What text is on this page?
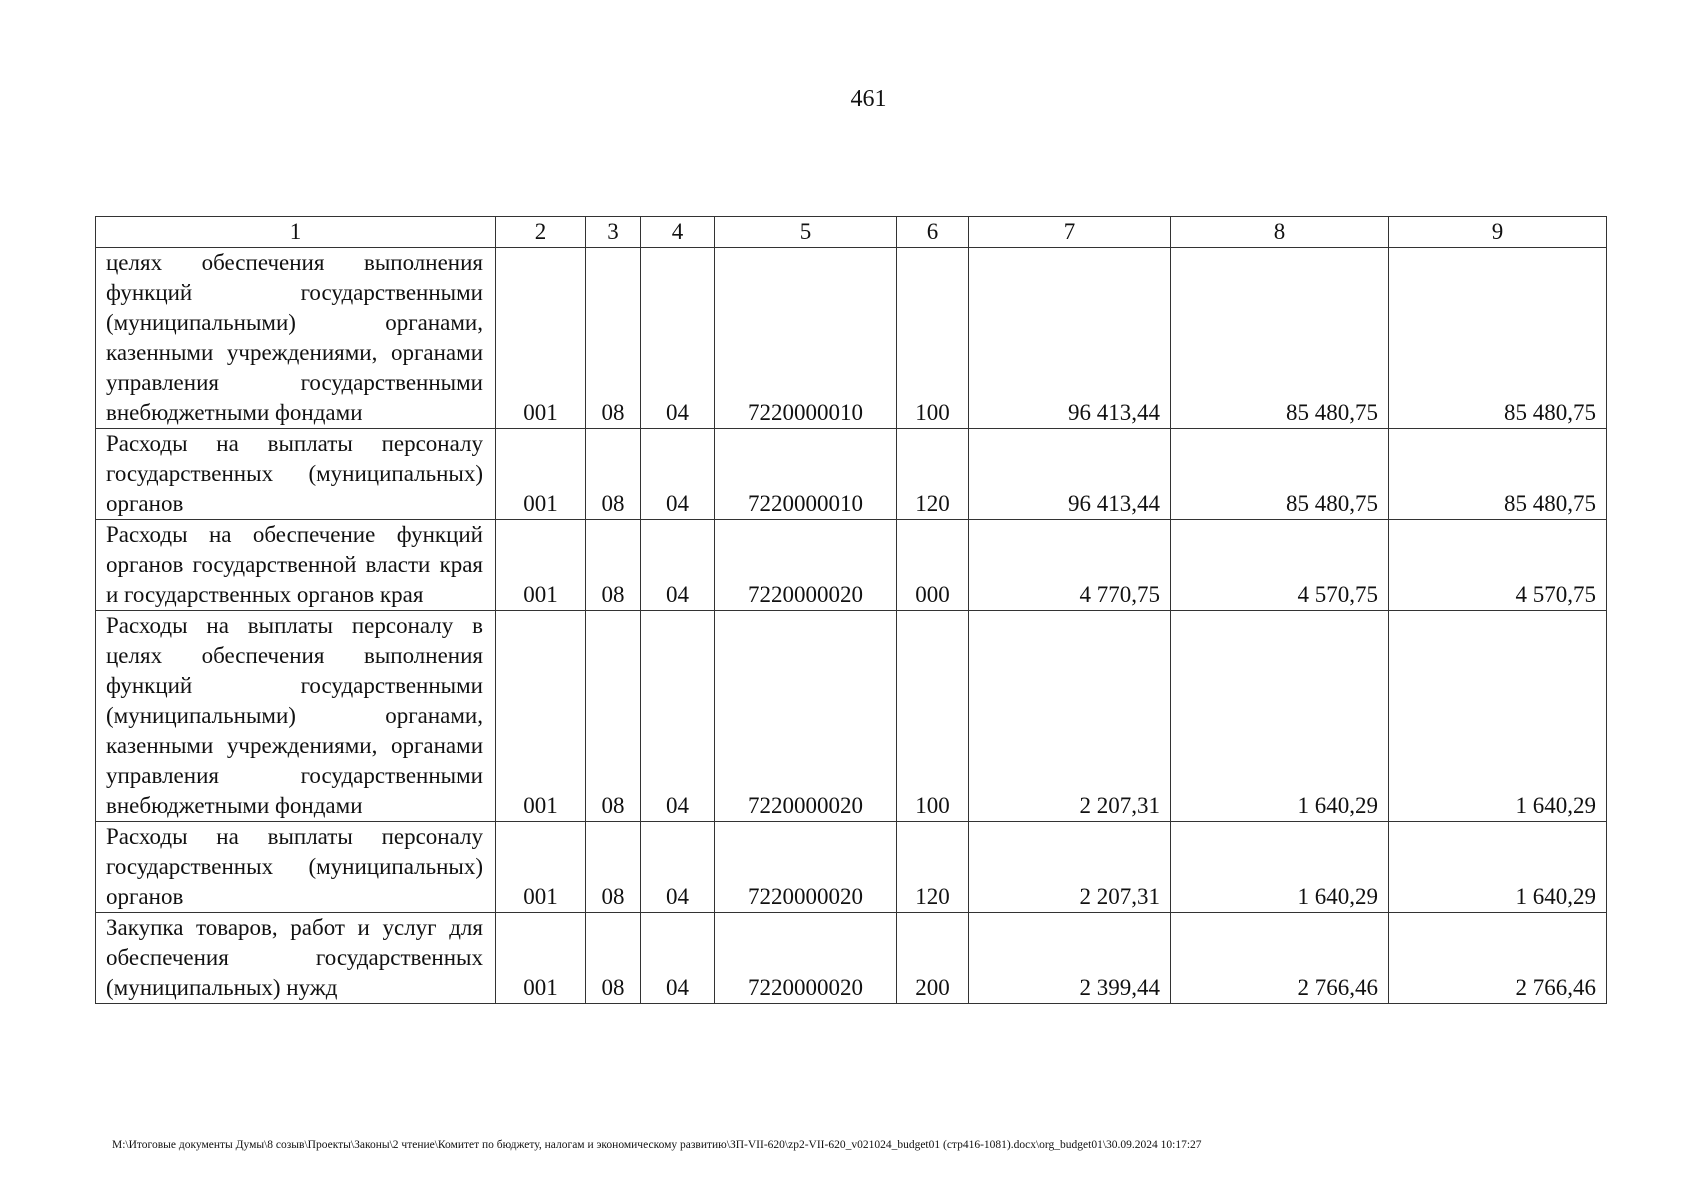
461
1	2	3	4	5	6	7	8	9
целях обеспечения выполнения функций государственными (муниципальными) органами, казенными учреждениями, органами управления государственными внебюджетными фондами	001	08	04	7220000010	100	96 413,44	85 480,75	85 480,75
Расходы на выплаты персоналу государственных (муниципальных) органов	001	08	04	7220000010	120	96 413,44	85 480,75	85 480,75
Расходы на обеспечение функций органов государственной власти края и государственных органов края	001	08	04	7220000020	000	4 770,75	4 570,75	4 570,75
Расходы на выплаты персоналу в целях обеспечения выполнения функций государственными (муниципальными) органами, казенными учреждениями, органами управления государственными внебюджетными фондами	001	08	04	7220000020	100	2 207,31	1 640,29	1 640,29
Расходы на выплаты персоналу государственных (муниципальных) органов	001	08	04	7220000020	120	2 207,31	1 640,29	1 640,29
Закупка товаров, работ и услуг для обеспечения государственных (муниципальных) нужд	001	08	04	7220000020	200	2 399,44	2 766,46	2 766,46
М:\Итоговые документы Думы\8 созыв\Проекты\Законы\2 чтение\Комитет по бюджету, налогам и экономическому развитию\ЗП-VII-620\zp2-VII-620_v021024_budget01 (стр416-1081).docx\org_budget01\30.09.2024 10:17:27
